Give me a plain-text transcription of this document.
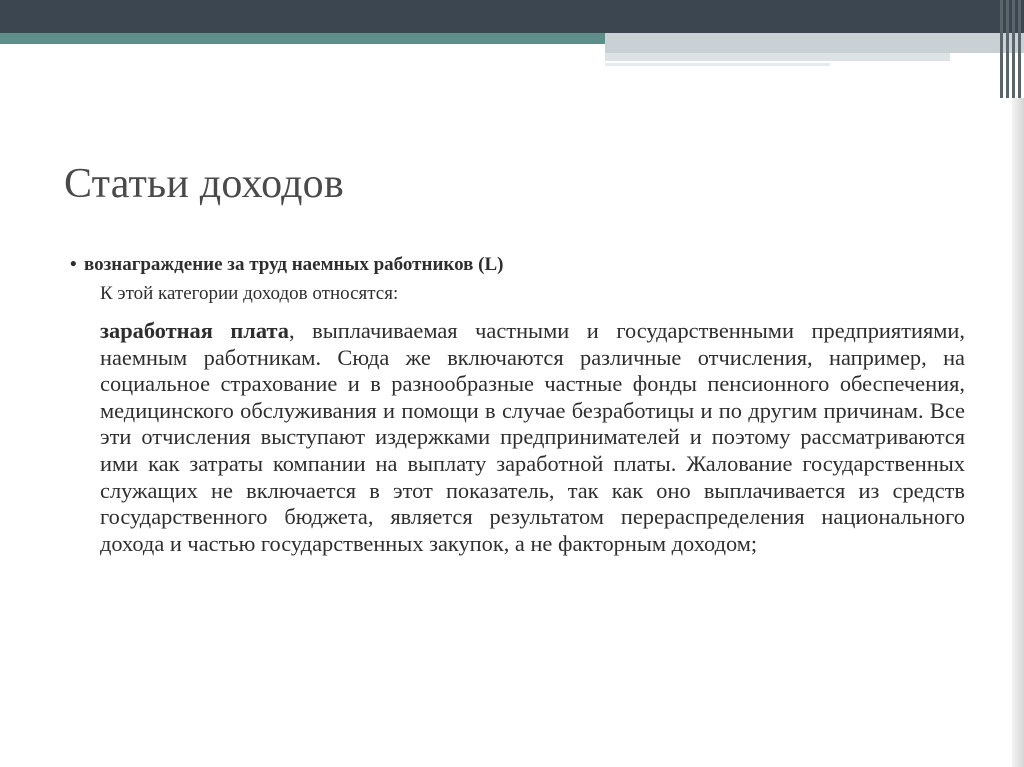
Статьи доходов

• вознаграждение за труд наемных работников (L)

К этой категории доходов относятся:

заработная плата, выплачиваемая частными и государственными предприятиями, наемным работникам. Сюда же включаются различные отчисления, например, на социальное страхование и в разнообразные частные фонды пенсионного обеспечения, медицинского обслуживания и помощи в случае безработицы и по другим причинам. Все эти отчисления выступают издержками предпринимателей и поэтому рассматриваются ими как затраты компании на выплату заработной платы. Жалование государственных служащих не включается в этот показатель, так как оно выплачивается из средств государственного бюджета, является результатом перераспределения национального дохода и частью государственных закупок, а не факторным доходом;
